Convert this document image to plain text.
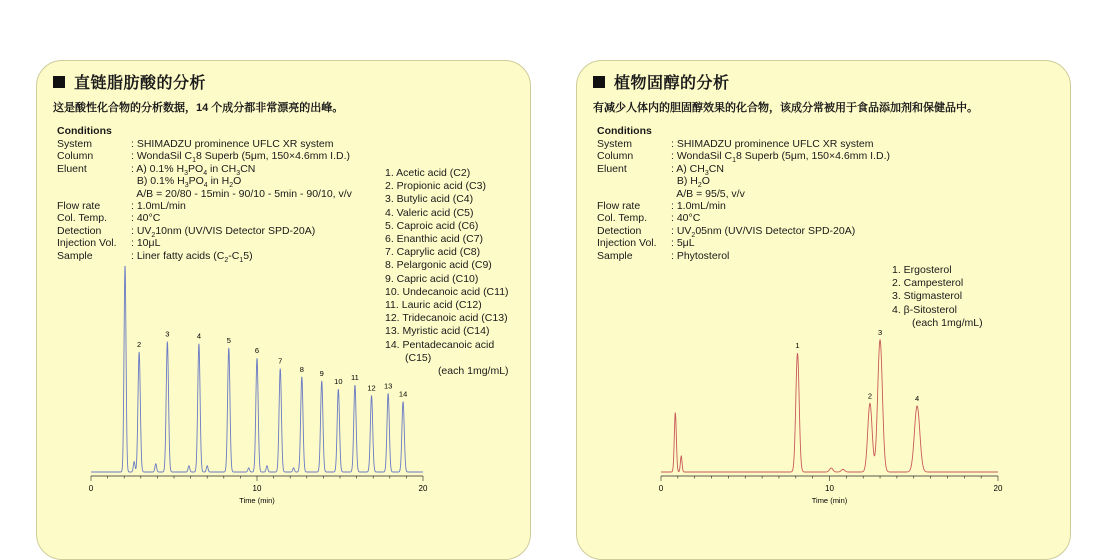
直链脂肪酸的分析
这是酸性化合物的分析数据，14 个成分都非常漂亮的出峰。
Conditions
System	: SHIMADZU prominence UFLC XR system
Column	: WondaSil $C_18$ Superb (5μm, 150×4.6mm I.D.)
Eluent	: A) 0.1% $H_3PO_4$ in $CH_3CN$
B) 0.1% $H_3PO_4$ in $H_2O$
A/B = 20/80 - 15min - 90/10 - 5min - 90/10, v/v
Flow rate	: 1.0mL/min
Col. Temp.	: 40°C
Detection	: $UV_210nm$ (UV/VIS Detector SPD-20A)
Injection Vol.	: 10μL
Sample	: Liner fatty acids $(C_2-C_15)$
1. Acetic acid (C2)
2. Propionic acid (C3)
3. Butylic acid (C4)
4. Valeric acid (C5)
5. Caproic acid (C6)
6. Enanthic acid (C7)
7. Caprylic acid (C8)
8. Pelargonic acid (C9)
9. Capric acid (C10)
10. Undecanoic acid (C11)
11. Lauric acid (C12)
12. Tridecanoic acid (C13)
13. Myristic acid (C14)
14. Pentadecanoic acid
(C15)
(each 1mg/mL)
0	10	20
Time (min)
2
3	4	5
6
7
8 9
10 11
12 13
14
植物固醇的分析
有减少人体内的胆固醇效果的化合物，该成分常被用于食品添加剂和保健品中。
Conditions
System	: SHIMADZU prominence UFLC XR system
Column	: WondaSil $C_18$ Superb (5μm, 150×4.6mm I.D.)
Eluent	: A) $CH_3CN$
B) $H_2O$
A/B = 95/5, v/v
Flow rate	: 1.0mL/min
Col. Temp.	: 40°C
Detection	: $UV_205nm$ (UV/VIS Detector SPD-20A)
Injection Vol.	: 5μL
Sample	: Phytosterol
1. Ergosterol
2. Campesterol
3. Stigmasterol
4. β-Sitosterol
(each 1mg/mL)
0	10	20
Time (min)
1
2
3
4
